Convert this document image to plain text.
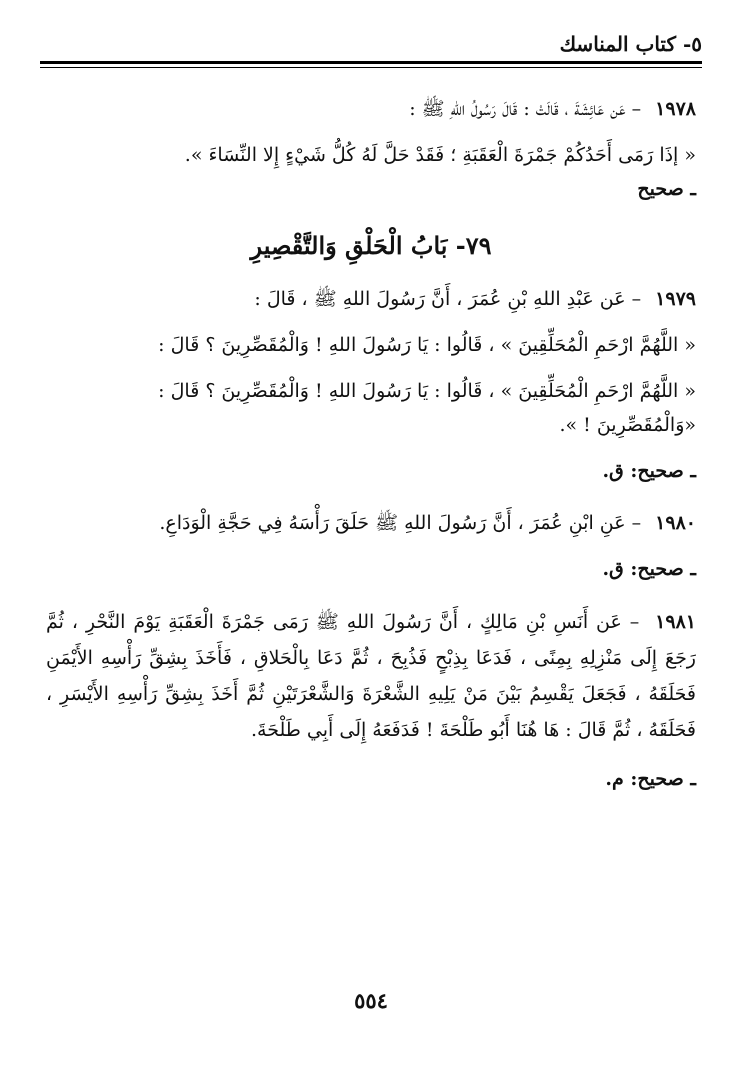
٥- كتاب المناسك
١٩٧٨ – عَن عَائِشَةَ ، قَالَتْ : قَالَ رَسُولُ اللهِ ﷺ :
« إذَا رَمَى أَحَدُكُمْ جَمْرَةَ الْعَقَبَةِ ؛ فَقَدْ حَلَّ لَهُ كُلُّ شَيْءٍ إِلا النِّسَاءَ ».
ـ صحيح
٧٩- بَابُ الْحَلْقِ وَالتَّقْصِيرِ
١٩٧٩ – عَن عَبْدِ اللهِ بْنِ عُمَرَ ، أَنَّ رَسُولَ اللهِ ﷺ ، قَالَ :
« اللَّهُمَّ ارْحَمِ الْمُحَلِّقِينَ » ، قَالُوا : يَا رَسُولَ اللهِ ! وَالْمُقَصِّرِينَ ؟ قَالَ :
« اللَّهُمَّ ارْحَمِ الْمُحَلِّقِينَ » ، قَالُوا : يَا رَسُولَ اللهِ ! وَالْمُقَصِّرِينَ ؟ قَالَ :
«وَالْمُقَصِّرِينَ ! ».
ـ صحيح: ق.
١٩٨٠ – عَنِ ابْنِ عُمَرَ ، أَنَّ رَسُولَ اللهِ ﷺ حَلَقَ رَأْسَهُ فِي حَجَّةِ الْوَدَاعِ.
ـ صحيح: ق.
١٩٨١ – عَن أَنَسِ بْنِ مَالِكٍ ، أَنَّ رَسُولَ اللهِ ﷺ رَمَى جَمْرَةَ الْعَقَبَةِ يَوْمَ النَّحْرِ ، ثُمَّ رَجَعَ إِلَى مَنْزِلِهِ بِمِنًى ، فَدَعَا بِذِبْحٍ فَذُبِحَ ، ثُمَّ دَعَا بِالْحَلاقِ ، فَأَخَذَ بِشِقِّ رَأْسِهِ الأَيْمَنِ فَحَلَقَهُ ، فَجَعَلَ يَقْسِمُ بَيْنَ مَنْ يَلِيهِ الشَّعْرَةَ وَالشَّعْرَتَيْنِ ثُمَّ أَخَذَ بِشِقِّ رَأْسِهِ الأَيْسَرِ ، فَحَلَقَهُ ، ثُمَّ قَالَ : هَا هُنَا أَبُو طَلْحَةَ ! فَدَفَعَهُ إِلَى أَبِي طَلْحَةَ.
ـ صحيح: م.
٥٥٤
